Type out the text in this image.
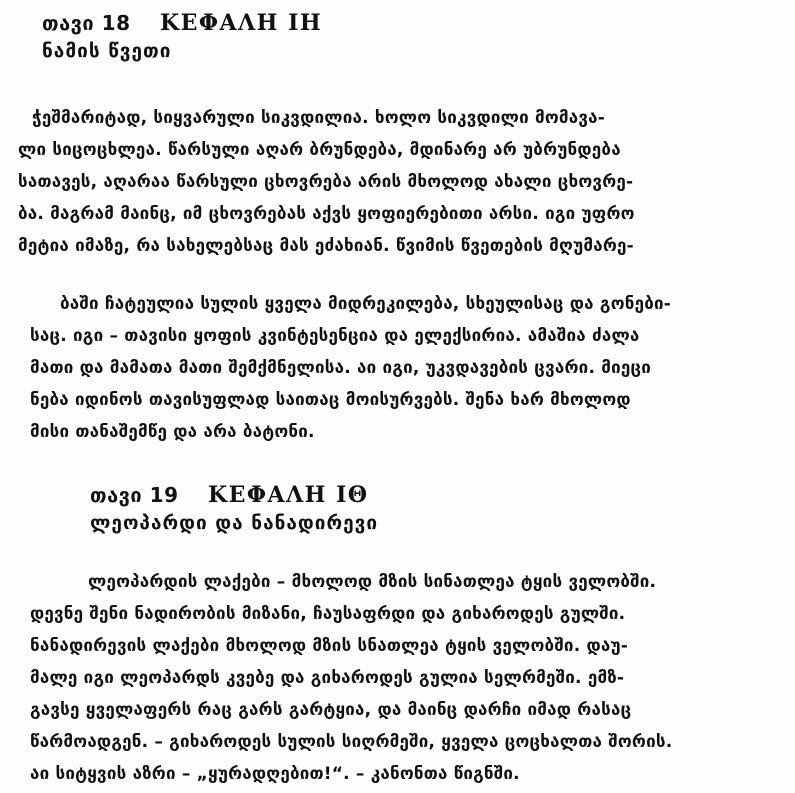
თავი 18 ΚΕΦΑΛΗ ΙΗ
ნამის წვეთი
ჭეშმარიტად, სიყვარული სიკვდილია. ხოლო სიკვდილი მომავა-
ლი სიცოცხლეა. წარსული აღარ ბრუნდება, მდინარე არ უბრუნდება
სათავეს, აღარაა წარსული ცხოვრება არის მხოლოდ ახალი ცხოვრე-
ბა. მაგრამ მაინც, იმ ცხოვრებას აქვს ყოფიერებითი არსი. იგი უფრო
მეტია იმაზე, რა სახელებსაც მას ეძახიან. წვიმის წვეთების მღუმარე-
ბაში ჩატეულია სულის ყველა მიდრეკილება, სხეულისაც და გონები-
საც. იგი – თავისი ყოფის კვინტესენცია და ელექსირია. ამაშია ძალა
მათი და მამათა მათი შემქმნელისა. აი იგი, უკვდავების ცვარი. მიეცი
ნება იდინოს თავისუფლად საითაც მოისურვებს. შენა ხარ მხოლოდ
მისი თანაშემწე და არა ბატონი.
თავი 19 ΚΕΦΑΛΗ ΙΘ
ლეოპარდი და ნანადირევი
ლეოპარდის ლაქები – მხოლოდ მზის სინათლეა ტყის ველობში.
დევნე შენი ნადირობის მიზანი, ჩაუსაფრდი და გიხაროდეს გულში.
ნანადირევის ლაქები მხოლოდ მზის სნათლეა ტყის ველობში. დაუ-
მალე იგი ლეოპარდს კვებე და გიხაროდეს გულია სელრმეში. ემზ-
გავსე ყველაფერს რაც გარს გარტყია, და მაინც დარჩი იმად რასაც
წარმოადგენ. – გიხაროდეს სულის სიღრმეში, ყველა ცოცხალთა შორის.
აი სიტყვის აზრი – „ყურადღებით!“. – კანონთა წიგნში.
